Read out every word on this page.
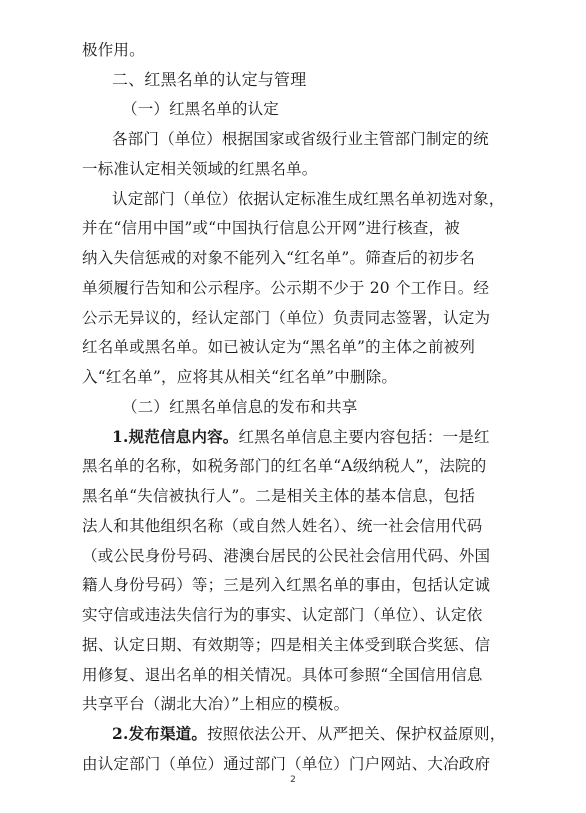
极作用。
二、红黑名单的认定与管理
（一）红黑名单的认定
各部门（单位）根据国家或省级行业主管部门制定的统
一标准认定相关领域的红黑名单。
认定部门（单位）依据认定标准生成红黑名单初选对象，
并在“信用中国”或“中国执行信息公开网”进行核查，被
纳入失信惩戒的对象不能列入“红名单”。筛查后的初步名
单须履行告知和公示程序。公示期不少于 20 个工作日。经
公示无异议的，经认定部门（单位）负责同志签署，认定为
红名单或黑名单。如已被认定为“黑名单”的主体之前被列
入“红名单”，应将其从相关“红名单”中删除。
（二）红黑名单信息的发布和共享
1.规范信息内容。红黑名单信息主要内容包括：一是红
黑名单的名称，如税务部门的红名单“A级纳税人”，法院的
黑名单“失信被执行人”。二是相关主体的基本信息，包括
法人和其他组织名称（或自然人姓名）、统一社会信用代码
（或公民身份号码、港澳台居民的公民社会信用代码、外国
籍人身份号码）等；三是列入红黑名单的事由，包括认定诚
实守信或违法失信行为的事实、认定部门（单位）、认定依
据、认定日期、有效期等；四是相关主体受到联合奖惩、信
用修复、退出名单的相关情况。具体可参照“全国信用信息
共享平台（湖北大冶）”上相应的模板。
2.发布渠道。按照依法公开、从严把关、保护权益原则，
由认定部门（单位）通过部门（单位）门户网站、大冶政府
2
